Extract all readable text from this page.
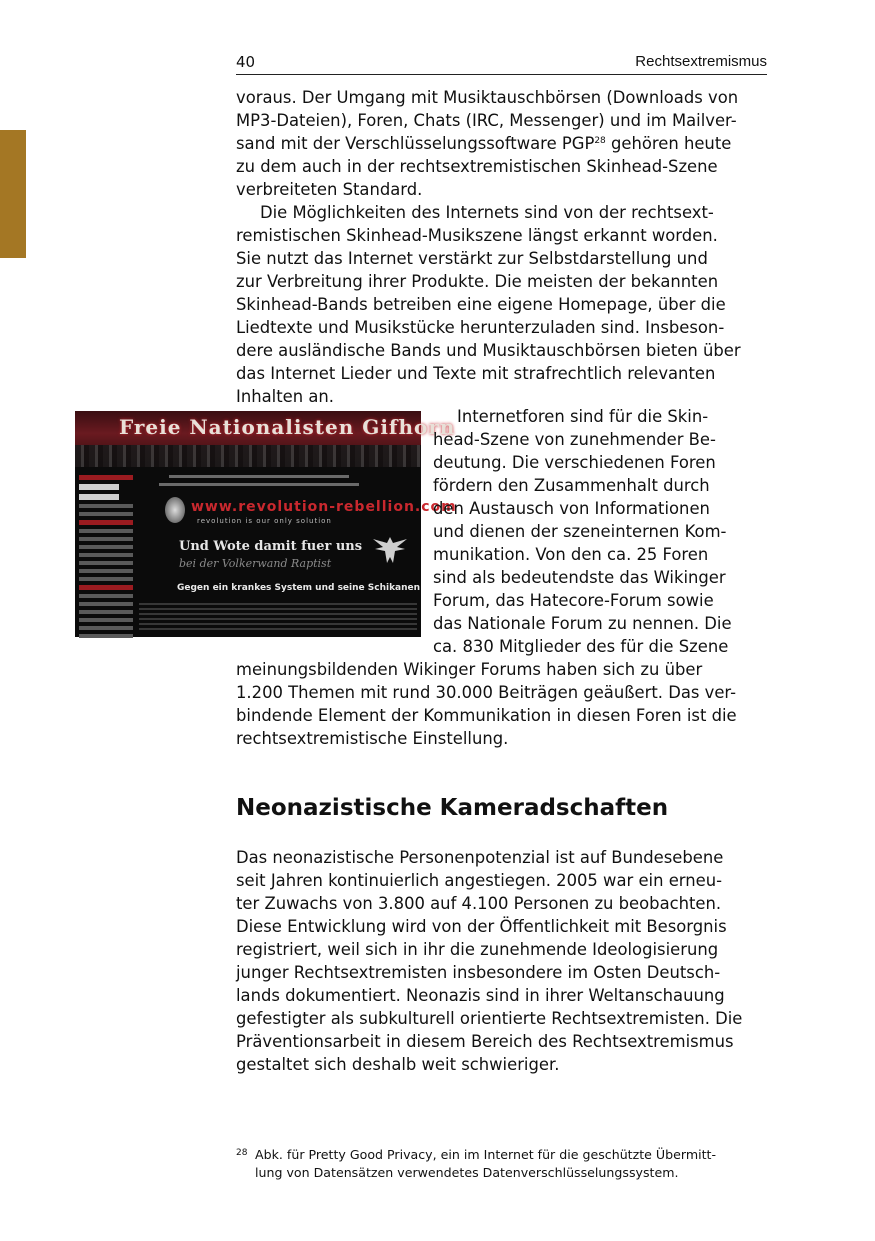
40	Rechtsextremismus
voraus. Der Umgang mit Musiktauschbörsen (Downloads von
MP3-Dateien), Foren, Chats (IRC, Messenger) und im Mailver-
sand mit der Verschlüsselungssoftware PGP$^{28}$ gehören heute
zu dem auch in der rechtsextremistischen Skinhead-Szene
verbreiteten Standard.
Die Möglichkeiten des Internets sind von der rechtsext-
remistischen Skinhead-Musikszene längst erkannt worden.
Sie nutzt das Internet verstärkt zur Selbstdarstellung und
zur Verbreitung ihrer Produkte. Die meisten der bekannten
Skinhead-Bands betreiben eine eigene Homepage, über die
Liedtexte und Musikstücke herunterzuladen sind. Insbeson-
dere ausländische Bands und Musiktauschbörsen bieten über
das Internet Lieder und Texte mit strafrechtlich relevanten
Inhalten an.
Freie Nationalisten Gifhorn
www.revolution-rebellion.com
revolution is our only solution
Und Wote damit fuer uns
bei der Volkerwand Raptist
Gegen ein krankes System und seine Schikanen
Internetforen sind für die Skin-
head-Szene von zunehmender Be-
deutung. Die verschiedenen Foren
fördern den Zusammenhalt durch
den Austausch von Informationen
und dienen der szeneinternen Kom-
munikation. Von den ca. 25 Foren
sind als bedeutendste das Wikinger
Forum, das Hatecore-Forum sowie
das Nationale Forum zu nennen. Die
ca. 830 Mitglieder des für die Szene
meinungsbildenden Wikinger Forums haben sich zu über
1.200 Themen mit rund 30.000 Beiträgen geäußert. Das ver-
bindende Element der Kommunikation in diesen Foren ist die
rechtsextremistische Einstellung.
Neonazistische Kameradschaften
Das neonazistische Personenpotenzial ist auf Bundesebene
seit Jahren kontinuierlich angestiegen. 2005 war ein erneu-
ter Zuwachs von 3.800 auf 4.100 Personen zu beobachten.
Diese Entwicklung wird von der Öffentlichkeit mit Besorgnis
registriert, weil sich in ihr die zunehmende Ideologisierung
junger Rechtsextremisten insbesondere im Osten Deutsch-
lands dokumentiert. Neonazis sind in ihrer Weltanschauung
gefestigter als subkulturell orientierte Rechtsextremisten. Die
Präventionsarbeit in diesem Bereich des Rechtsextremismus
gestaltet sich deshalb weit schwieriger.
28 Abk. für Pretty Good Privacy, ein im Internet für die geschützte Übermitt-
lung von Datensätzen verwendetes Datenverschlüsselungssystem.
